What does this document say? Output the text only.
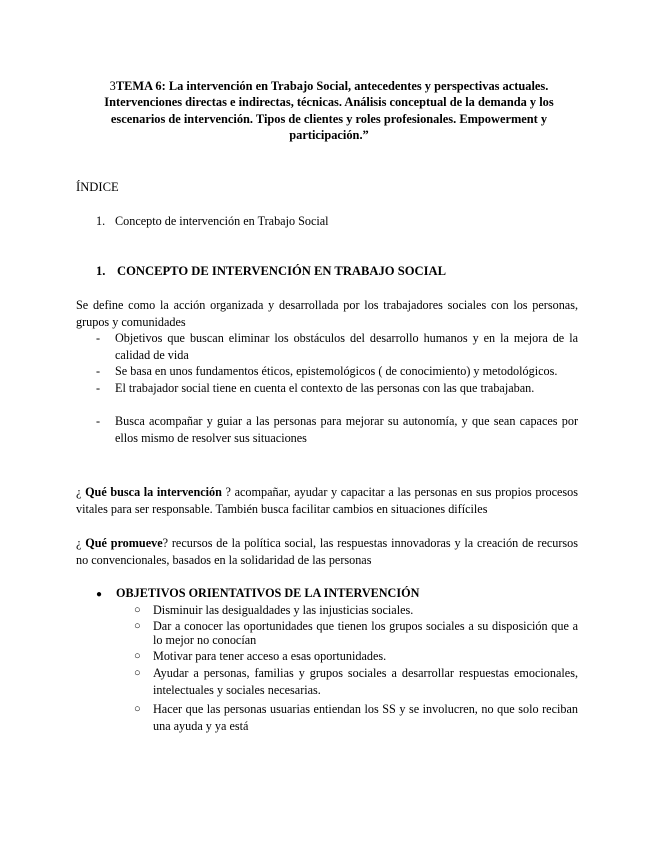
3TEMA 6: La intervención en Trabajo Social, antecedentes y perspectivas actuales. Intervenciones directas e indirectas, técnicas. Análisis conceptual de la demanda y los escenarios de intervención. Tipos de clientes y roles profesionales. Empowerment y participación.”
ÍNDICE
1. Concepto de intervención en Trabajo Social
1. CONCEPTO DE INTERVENCIÓN EN TRABAJO SOCIAL
Se define como la acción organizada y desarrollada por los trabajadores sociales con los personas, grupos y comunidades
- Objetivos que buscan eliminar los obstáculos del desarrollo humanos y en la mejora de la calidad de vida
- Se basa en unos fundamentos éticos, epistemológicos ( de conocimiento) y metodológicos.
- El trabajador social tiene en cuenta el contexto de las personas con las que trabajaban.
- Busca acompañar y guiar a las personas para mejorar su autonomía, y que sean capaces por ellos mismo de resolver sus situaciones
¿ Qué busca la intervención ? acompañar, ayudar y capacitar a las personas en sus propios procesos vitales para ser responsable. También busca facilitar cambios en situaciones difíciles
¿ Qué promueve? recursos de la política social, las respuestas innovadoras y la creación de recursos no convencionales, basados en la solidaridad de las personas
● OBJETIVOS ORIENTATIVOS DE LA INTERVENCIÓN
○ Disminuir las desigualdades y las injusticias sociales.
○ Dar a conocer las oportunidades que tienen los grupos sociales a su disposición que a lo mejor no conocían
○ Motivar para tener acceso a esas oportunidades.
○ Ayudar a personas, familias y grupos sociales a desarrollar respuestas emocionales, intelectuales y sociales necesarias.
○ Hacer que las personas usuarias entiendan los SS y se involucren, no que solo reciban una ayuda y ya está
